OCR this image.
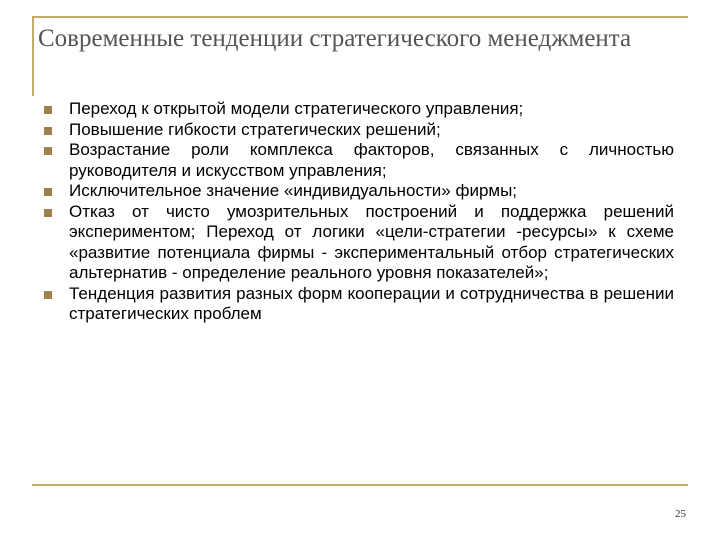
Современные тенденции стратегического менеджмента
Переход к открытой модели стратегического управления;
Повышение гибкости стратегических решений;
Возрастание роли комплекса факторов, связанных с личностью руководителя и искусством управления;
Исключительное значение «индивидуальности» фирмы;
Отказ от чисто умозрительных построений и поддержка решений экспериментом; Переход от логики «цели-стратегии -ресурсы» к схеме «развитие потенциала фирмы - экспериментальный отбор стратегических альтернатив - определение реального уровня показателей»;
Тенденция развития разных форм кооперации и сотрудничества в решении стратегических проблем
25
